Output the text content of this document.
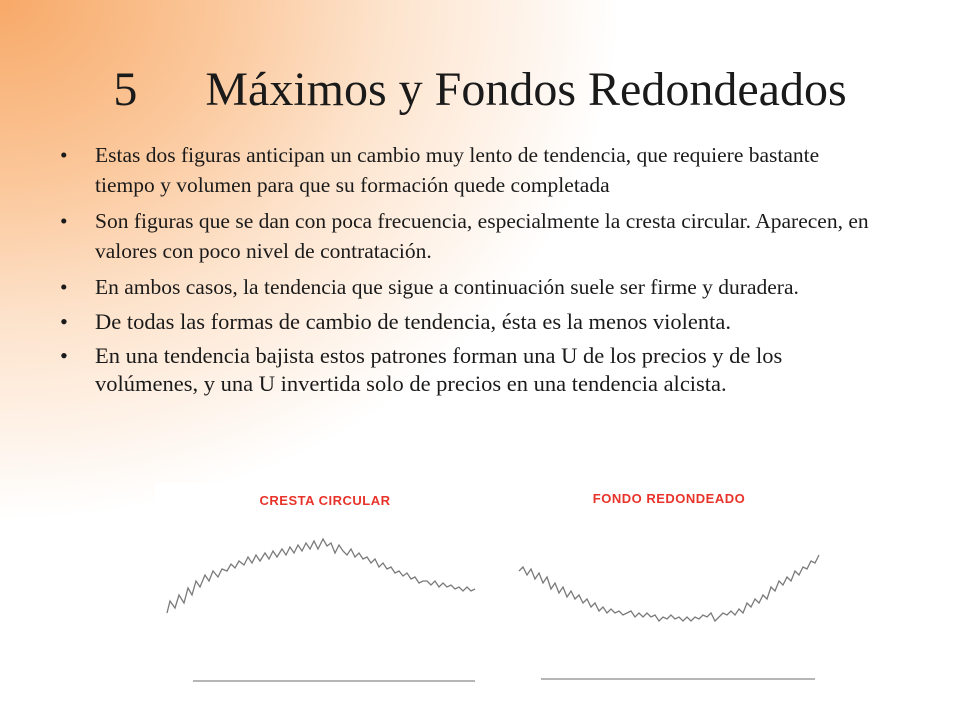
5 Máximos y Fondos Redondeados
• Estas dos figuras anticipan un cambio muy lento de tendencia, que requiere bastante tiempo y volumen para que su formación quede completada
• Son figuras que se dan con poca frecuencia, especialmente la cresta circular. Aparecen, en valores con poco nivel de contratación.
• En ambos casos, la tendencia que sigue a continuación suele ser firme y duradera.
• De todas las formas de cambio de tendencia, ésta es la menos violenta.
• En una tendencia bajista estos patrones forman una U de los precios y de los volúmenes, y una U invertida solo de precios en una tendencia alcista.
CRESTA CIRCULAR	FONDO REDONDEADO
